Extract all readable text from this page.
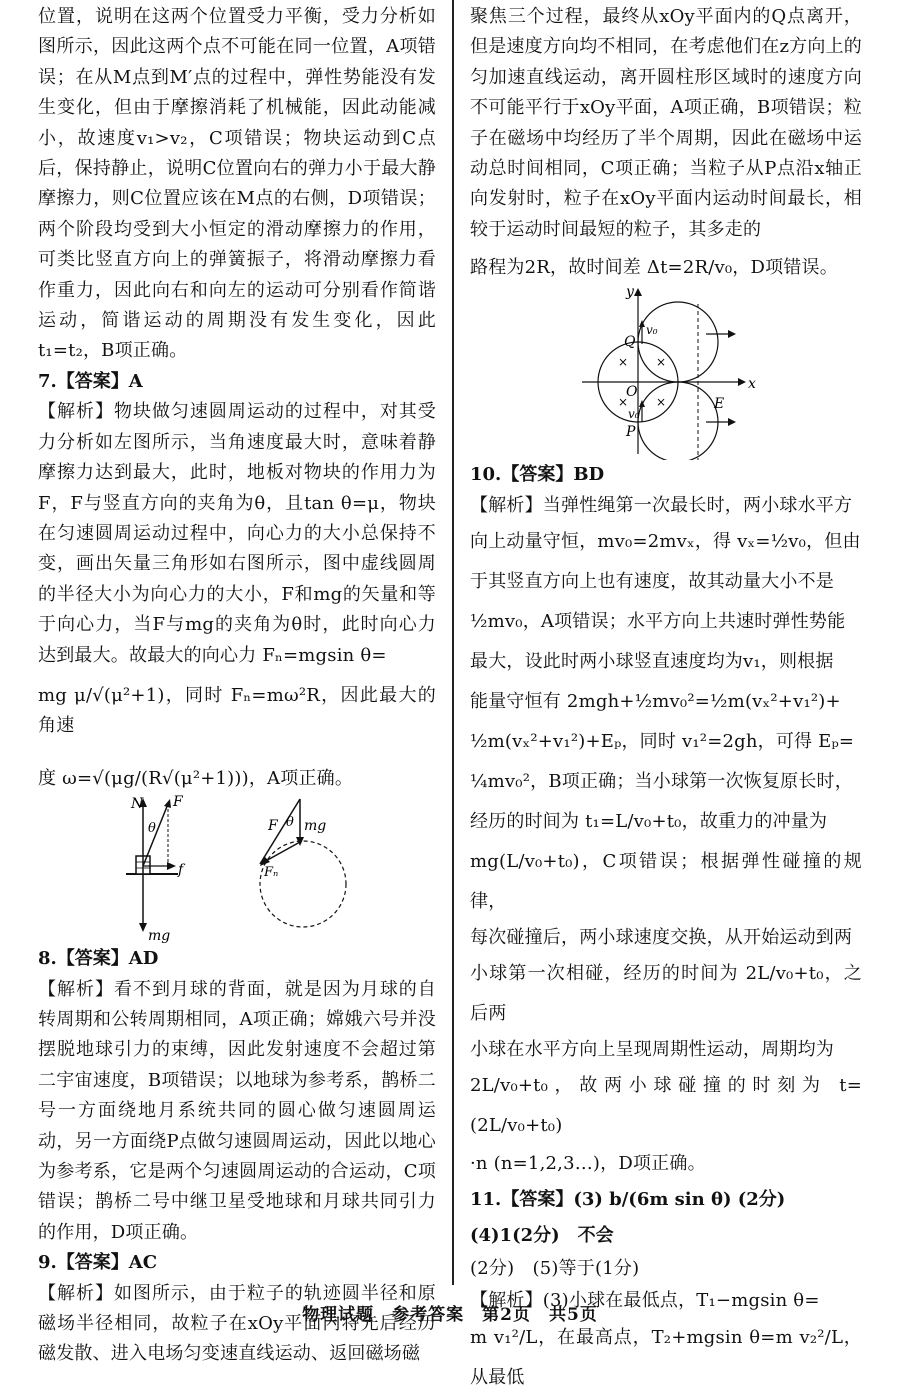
位置，说明在这两个位置受力平衡，受力分析如图所示，因此这两个点不可能在同一位置，A项错误；在从M点到M′点的过程中，弹性势能没有发生变化，但由于摩擦消耗了机械能，因此动能减小，故速度v₁>v₂，C项错误；物块运动到C点后，保持静止，说明C位置向右的弹力小于最大静摩擦力，则C位置应该在M点的右侧，D项错误；两个阶段均受到大小恒定的滑动摩擦力的作用，可类比竖直方向上的弹簧振子，将滑动摩擦力看作重力，因此向右和向左的运动可分别看作简谐运动，简谐运动的周期没有发生变化，因此t₁=t₂，B项正确。

7.【答案】A

【解析】物块做匀速圆周运动的过程中，对其受力分析如左图所示，当角速度最大时，意味着静摩擦力达到最大，此时，地板对物块的作用力为F，F与竖直方向的夹角为θ，且tan θ=μ，物块在匀速圆周运动过程中，向心力的大小总保持不变，画出矢量三角形如右图所示，图中虚线圆周的半径大小为向心力的大小，F和mg的矢量和等于向心力，当F与mg的夹角为θ时，此时向心力达到最大。故最大的向心力 Fₙ=mgsin θ=

mg μ/√(μ²+1)，同时 Fₙ=mω²R，因此最大的角速

度 ω=√(μg/(R√(μ²+1)))，A项正确。

N F
θ
f
mg
F θ mg
Fₙ

8.【答案】AD

【解析】看不到月球的背面，就是因为月球的自转周期和公转周期相同，A项正确；嫦娥六号并没摆脱地球引力的束缚，因此发射速度不会超过第二宇宙速度，B项错误；以地球为参考系，鹊桥二号一方面绕地月系统共同的圆心做匀速圆周运动，另一方面绕P点做匀速圆周运动，因此以地心为参考系，它是两个匀速圆周运动的合运动，C项错误；鹊桥二号中继卫星受地球和月球共同引力的作用，D项正确。

9.【答案】AC

【解析】如图所示，由于粒子的轨迹圆半径和原磁场半径相同，故粒子在xOy平面内将先后经历磁发散、进入电场匀变速直线运动、返回磁场磁

聚焦三个过程，最终从xOy平面内的Q点离开，但是速度方向均不相同，在考虑他们在z方向上的匀加速直线运动，离开圆柱形区域时的速度方向不可能平行于xOy平面，A项正确，B项错误；粒子在磁场中均经历了半个周期，因此在磁场中运动总时间相同，C项正确；当粒子从P点沿x轴正向发射时，粒子在xOy平面内运动时间最长，相较于运动时间最短的粒子，其多走的

路程为2R，故时间差 Δt=2R/v₀，D项错误。

Q
O
P
y
x
v₀
v₀
E
× ×
× ×

10.【答案】BD

【解析】当弹性绳第一次最长时，两小球水平方

向上动量守恒，mv₀=2mvₓ，得 vₓ=½v₀，但由

于其竖直方向上也有速度，故其动量大小不是

½mv₀，A项错误；水平方向上共速时弹性势能

最大，设此时两小球竖直速度均为v₁，则根据

能量守恒有 2mgh+½mv₀²=½m(vₓ²+v₁²)+

½m(vₓ²+v₁²)+Eₚ，同时 v₁²=2gh，可得 Eₚ=

¼mv₀²，B项正确；当小球第一次恢复原长时，

经历的时间为 t₁=L/v₀+t₀，故重力的冲量为

mg(L/v₀+t₀)，C项错误；根据弹性碰撞的规律，

每次碰撞后，两小球速度交换，从开始运动到两

小球第一次相碰，经历的时间为 2L/v₀+t₀，之后两

小球在水平方向上呈现周期性运动，周期均为

2L/v₀+t₀，故两小球碰撞的时刻为 t=(2L/v₀+t₀)

·n (n=1,2,3…)，D项正确。

11.【答案】(3) b/(6m sin θ) (2分)　(4)1(2分)　不会

(2分)　(5)等于(1分)

【解析】(3)小球在最低点，T₁−mgsin θ=

m v₁²/L，在最高点，T₂+mgsin θ=m v₂²/L，从最低

物理试题　参考答案　第2页　共5页
